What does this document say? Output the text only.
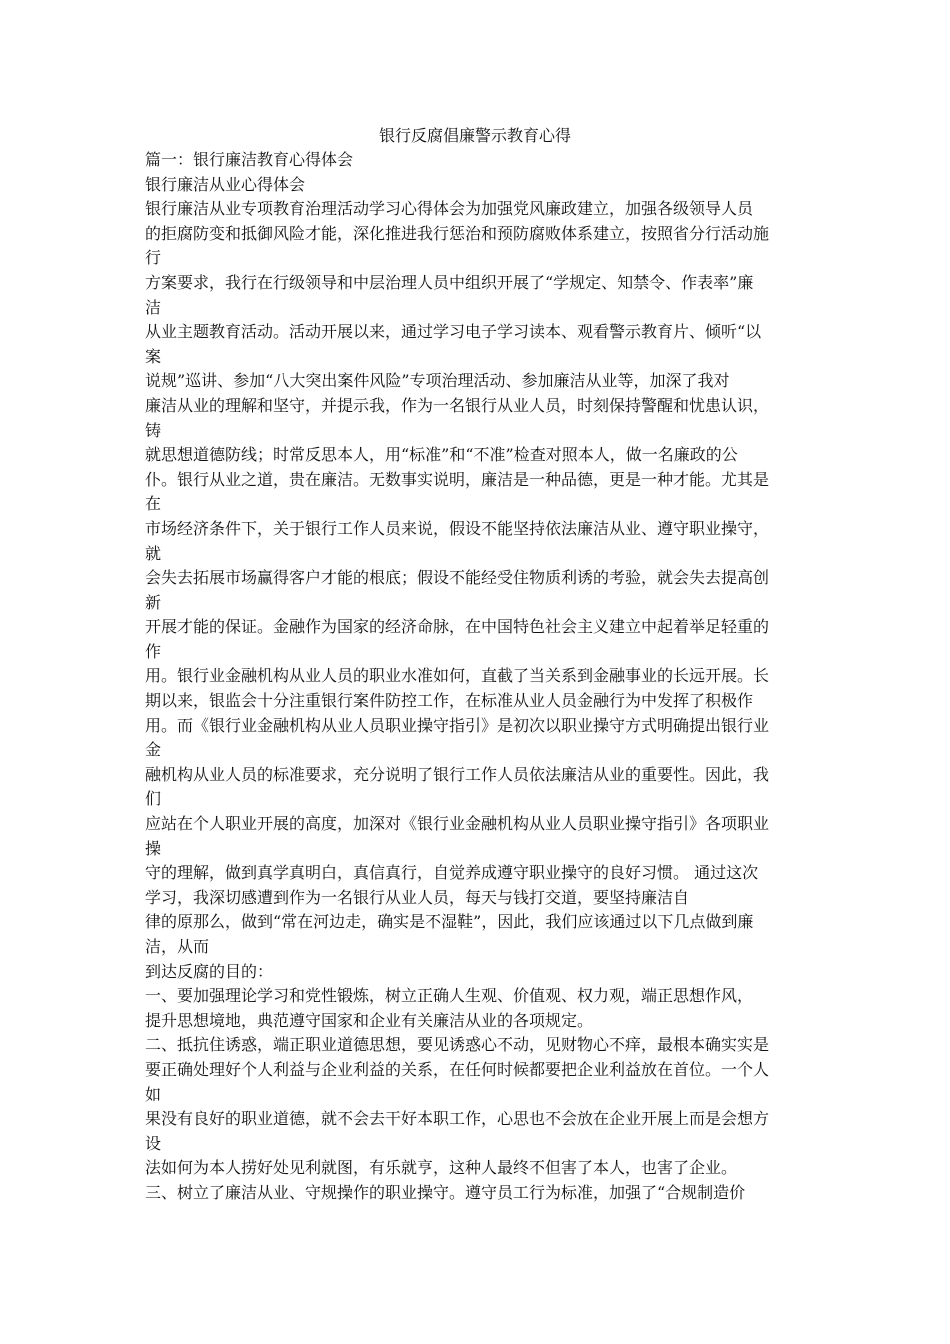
银行反腐倡廉警示教育心得
篇一：银行廉洁教育心得体会
银行廉洁从业心得体会
银行廉洁从业专项教育治理活动学习心得体会为加强党风廉政建立，加强各级领导人员
的拒腐防变和抵御风险才能，深化推进我行惩治和预防腐败体系建立，按照省分行活动施
行
方案要求，我行在行级领导和中层治理人员中组织开展了“学规定、知禁令、作表率”廉
洁
从业主题教育活动。活动开展以来，通过学习电子学习读本、观看警示教育片、倾听“以
案
说规”巡讲、参加“八大突出案件风险”专项治理活动、参加廉洁从业等，加深了我对
廉洁从业的理解和坚守，并提示我，作为一名银行从业人员，时刻保持警醒和忧患认识，
铸
就思想道德防线；时常反思本人，用“标准”和“不准”检查对照本人，做一名廉政的公
仆。银行从业之道，贵在廉洁。无数事实说明，廉洁是一种品德，更是一种才能。尤其是
在
市场经济条件下，关于银行工作人员来说，假设不能坚持依法廉洁从业、遵守职业操守，
就
会失去拓展市场赢得客户才能的根底；假设不能经受住物质利诱的考验，就会失去提高创
新
开展才能的保证。金融作为国家的经济命脉，在中国特色社会主义建立中起着举足轻重的
作
用。银行业金融机构从业人员的职业水准如何，直截了当关系到金融事业的长远开展。长
期以来，银监会十分注重银行案件防控工作，在标准从业人员金融行为中发挥了积极作
用。而《银行业金融机构从业人员职业操守指引》是初次以职业操守方式明确提出银行业
金
融机构从业人员的标准要求，充分说明了银行工作人员依法廉洁从业的重要性。因此，我
们
应站在个人职业开展的高度，加深对《银行业金融机构从业人员职业操守指引》各项职业
操
守的理解，做到真学真明白，真信真行，自觉养成遵守职业操守的良好习惯。 通过这次
学习，我深切感遭到作为一名银行从业人员，每天与钱打交道，要坚持廉洁自
律的原那么，做到“常在河边走，确实是不湿鞋”，因此，我们应该通过以下几点做到廉
洁，从而
到达反腐的目的：
一、要加强理论学习和党性锻炼，树立正确人生观、价值观、权力观，端正思想作风，
提升思想境地，典范遵守国家和企业有关廉洁从业的各项规定。
二、抵抗住诱惑，端正职业道德思想，要见诱惑心不动，见财物心不痒，最根本确实实是
要正确处理好个人利益与企业利益的关系，在任何时候都要把企业利益放在首位。一个人
如
果没有良好的职业道德，就不会去干好本职工作，心思也不会放在企业开展上而是会想方
设
法如何为本人捞好处见利就图，有乐就亨，这种人最终不但害了本人，也害了企业。
三、树立了廉洁从业、守规操作的职业操守。遵守员工行为标准，加强了“合规制造价
